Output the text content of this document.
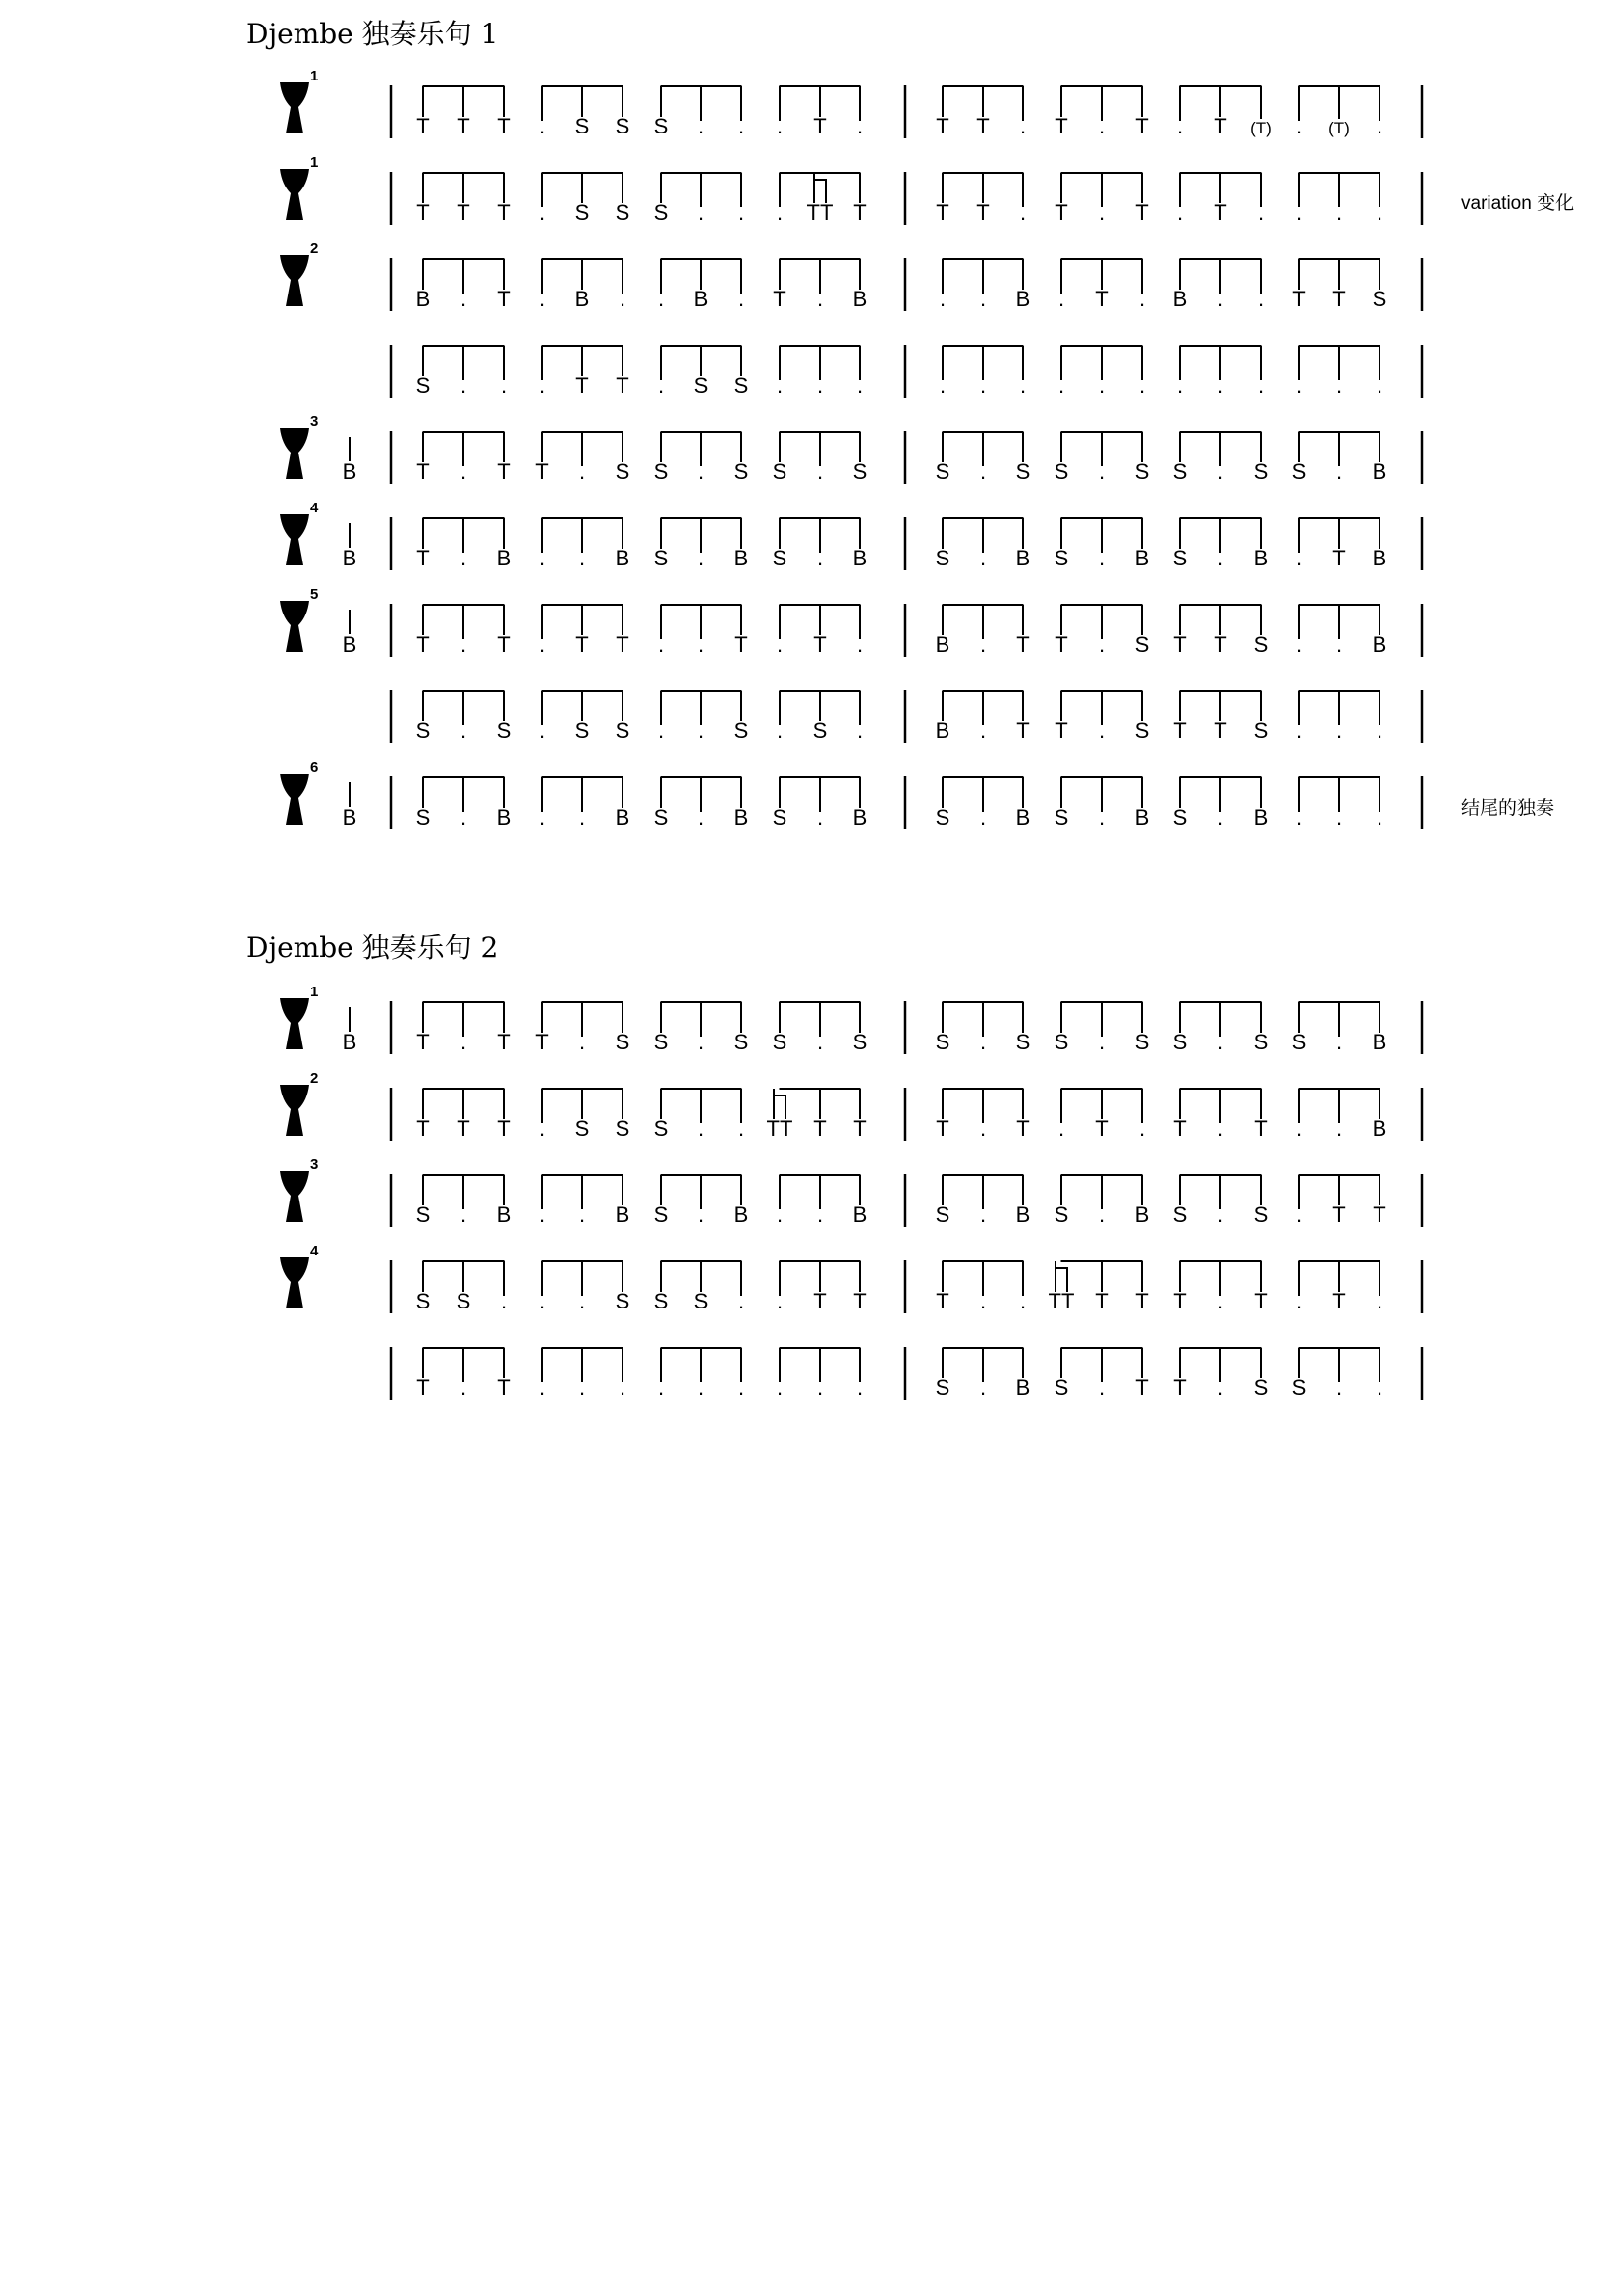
Djembe 独奏乐句 1
1
T T T . S S S . . . T .	T T . T . T . T (T) . (T) .
1
T T T . S S S . . . TT T	T T . T . T . T . . . .	variation 变化
2
B . T . B . . B . T . B	. . B . T . B . . T T S
S . . . T T . S S . . .	. . . . . . . . . . . .
3
B	T . T T . S S . S S . S	S . S S . S S . S S . B
4
B	T . B . . B S . B S . B	S . B S . B S . B . T B
5
B	T . T . T T . . T . T .	B . T T . S T T S . . B
S . S . S S . . S . S .	B . T T . S T T S . . .
6
B	S . B . . B S . B S . B	S . B S . B S . B . . .	结尾的独奏
Djembe 独奏乐句 2
1
B	T . T T . S S . S S . S	S . S S . S S . S S . B
2
T T T . S S S . . TT T T	T . T . T . T . T . . B
3
S . B . . B S . B . . B	S . B S . B S . S . T T
4
S S . . . S S S . . T T	T . . TT T T T . T . T .
T . T . . . . . . . . .	S . B S . T T . S S . .
